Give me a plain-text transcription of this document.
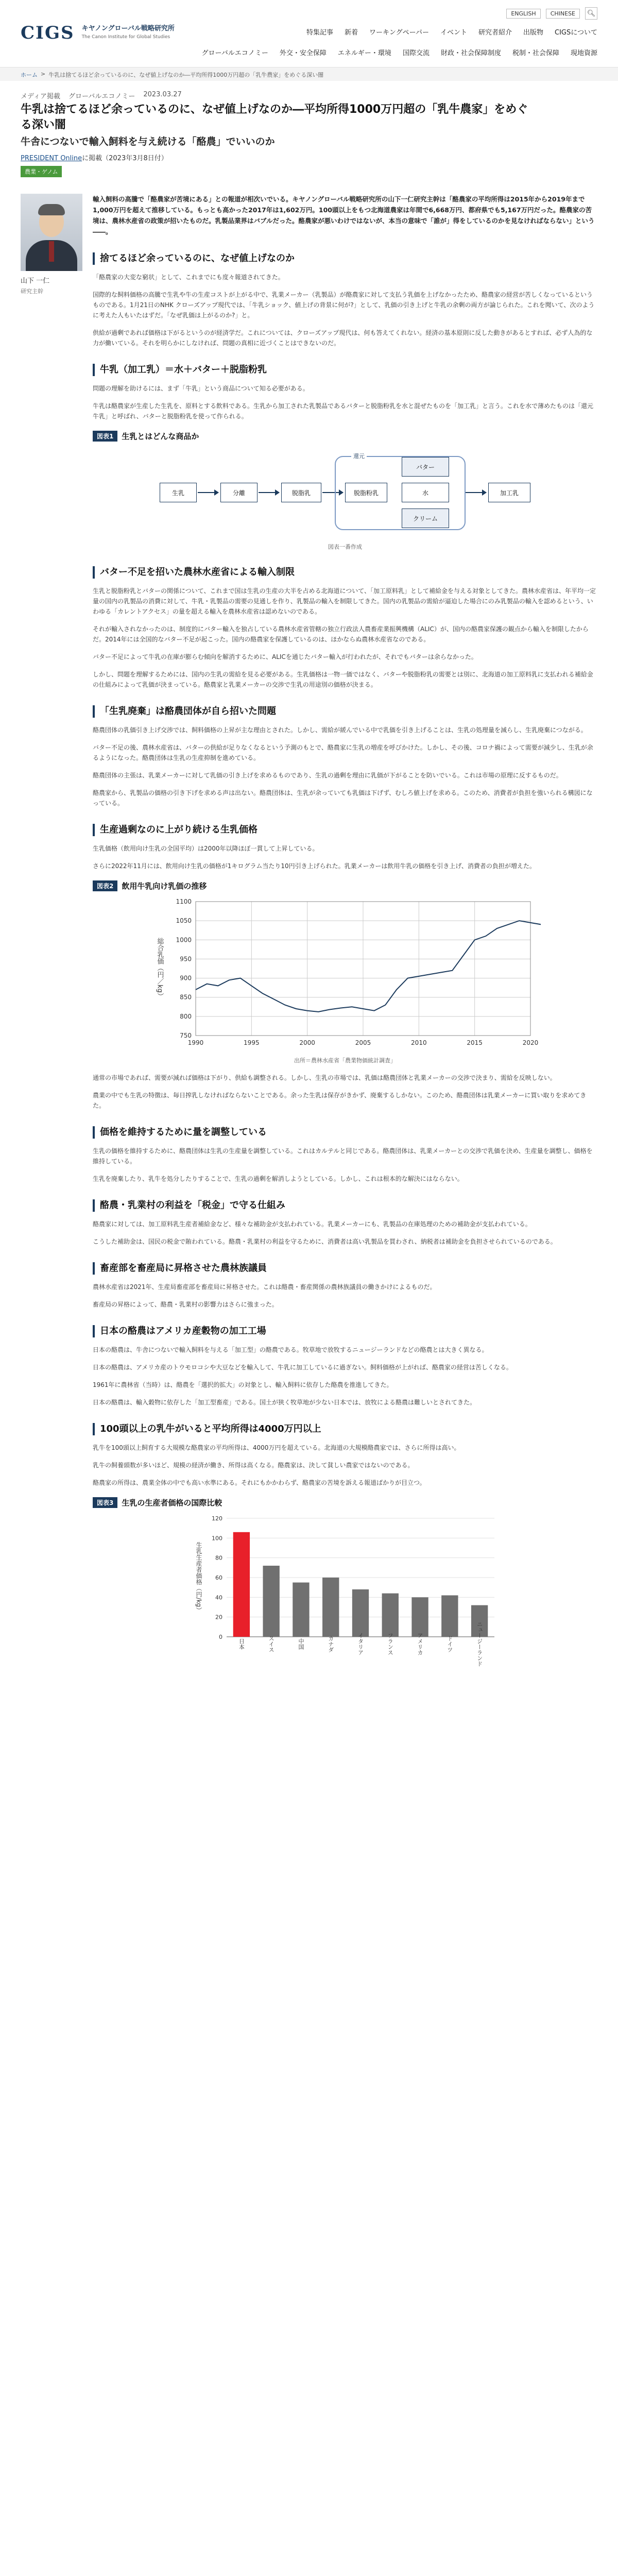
CIGS キヤノングローバル戦略研究所
The Canon Institute for Global Studies
ENGLISH	CHINESE	🔍︎
特集記事 新着 ワーキングペーパー イベント 研究者紹介 出版物 CIGSについて
グローバルエコノミー 外交・安全保障 エネルギー・環境 国際交流 財政・社会保障制度 税制・社会保障 現地資源
ホーム > 牛乳は捨てるほど余っているのに、なぜ値上げなのか―平均所得1000万円超の「乳牛農家」をめぐる深い闇
メディア掲載 グローバルエコノミー 2023.03.27
牛乳は捨てるほど余っているのに、なぜ値上げなのか―平均所得1000万円超の「乳牛農家」をめぐる深い闇
牛舎につないで輸入飼料を与え続ける「酪農」でいいのか
PRESIDENT Onlineに掲載（2023年3月8日付）
農業・ゲノム
山下 一仁
研究主幹

輸入飼料の高騰で「酪農家が苦境にある」との報道が相次いでいる。キヤノングローバル戦略研究所の山下一仁研究主幹は「酪農家の平均所得は2015年から2019年まで1,000万円を超えて推移している。もっとも高かった2017年は1,602万円。100頭以上をもつ北海道農家は年間で6,668万円、都府県でも5,167万円だった。酪農家の苦境は、農林水産省の政策が招いたものだ。乳製品業界はバブルだった。酪農家が悪いわけではないが、本当の意味で「誰が」得をしているのかを見なければならない」という――。

捨てるほど余っているのに、なぜ値上げなのか

「酪農家の大変な窮状」として、これまでにも度々報道されてきた。

国際的な飼料価格の高騰で生乳や牛の生産コストが上がる中で、乳業メーカー（乳製品）が酪農家に対して支払う乳価を上げなかったため、酪農家の経営が苦しくなっているというものである。1月21日のNHK クローズアップ現代では、「牛乳ショック、値上げの背景に何が?」として、乳価の引き上げと牛乳の余剰の両方が論じられた。これを聞いて、次のように考えた人もいたはずだ。「なぜ乳価は上がるのか?」と。

供給が過剰であれば価格は下がるというのが経済学だ。これについては、クローズアップ現代は、何も答えてくれない。経済の基本原則に反した動きがあるとすれば、必ず人為的な力が働いている。それを明らかにしなければ、問題の真相に近づくことはできないのだ。

牛乳（加工乳）＝水＋バター＋脱脂粉乳

問題の理解を助けるには、まず「牛乳」という商品について知る必要がある。

牛乳は酪農家が生産した生乳を、原料とする飲料である。生乳から加工された乳製品であるバターと脱脂粉乳を水と混ぜたものを「加工乳」と言う。これを水で薄めたものは「還元牛乳」と呼ばれ、バターと脱脂粉乳を使って作られる。

図表1	生乳とはどんな商品か
生乳	分離	脱脂乳	脱脂粉乳
バター
クリーム
水
還元
加工乳
図表一番作成
バター不足を招いた農林水産省による輸入制限

生乳と脱脂粉乳とバターの関係について、これまで国は生乳の生産の大半を占める北海道について、「加工原料乳」として補給金を与える対象としてきた。農林水産省は、年平均一定量の国内の乳製品の消費に対して、牛乳・乳製品の需要の見通しを作り、乳製品の輸入を制限してきた。国内の乳製品の需給が逼迫した場合にのみ乳製品の輸入を認めるという、いわゆる「カレントアクセス」の量を超える輸入を農林水産省は認めないのである。

それが輸入されなかったのは、制度的にバター輸入を独占している農林水産省管轄の独立行政法人農畜産業振興機構（ALIC）が、国内の酪農家保護の観点から輸入を制限したからだ。2014年には全国的なバター不足が起こった。国内の酪農家を保護しているのは、ほかならぬ農林水産省なのである。

バター不足によって牛乳の在庫が膨らむ傾向を解消するために、ALICを通じたバター輸入が行われたが、それでもバターは余らなかった。

しかし、問題を理解するためには、国内の生乳の需給を見る必要がある。生乳価格は一物一価ではなく、バターや脱脂粉乳の需要とは別に、北海道の加工原料乳に支払われる補給金の仕組みによって乳価が決まっている。酪農家と乳業メーカーの交渉で生乳の用途別の価格が決まる。

「生乳廃棄」は酪農団体が自ら招いた問題

酪農団体の乳価引き上げ交渉では、飼料価格の上昇が主な理由とされた。しかし、需給が緩んでいる中で乳価を引き上げることは、生乳の処理量を減らし、生乳廃棄につながる。

バター不足の後、農林水産省は、バターの供給が足りなくなるという予測のもとで、酪農家に生乳の増産を呼びかけた。しかし、その後、コロナ禍によって需要が減少し、生乳が余るようになった。酪農団体は生乳の生産抑制を進めている。

酪農団体の主張は、乳業メーカーに対して乳価の引き上げを求めるものであり、生乳の過剰を理由に乳価が下がることを防いでいる。これは市場の原理に反するものだ。

酪農家から、乳製品の価格の引き下げを求める声は出ない。酪農団体は、生乳が余っていても乳価は下げず、むしろ値上げを求める。このため、消費者が負担を強いられる構図になっている。

生産過剰なのに上がり続ける生乳価格

生乳価格（飲用向け生乳の全国平均）は2000年以降ほぼ一貫して上昇している。

さらに2022年11月には、飲用向け生乳の価格が1キログラム当たり10円引き上げられた。乳業メーカーは飲用牛乳の価格を引き上げ、消費者の負担が増えた。

図表2	飲用牛乳向け乳価の推移
750
800
850
900
950
1000
1050
1100
1990	1995	2000	2005	2010	2015	2020
総合乳価（円／kg）
出所＝農林水産省「農業物価統計調査」

通常の市場であれば、需要が減れば価格は下がり、供給も調整される。しかし、生乳の市場では、乳価は酪農団体と乳業メーカーの交渉で決まり、需給を反映しない。

農業の中でも生乳の特徴は、毎日搾乳しなければならないことである。余った生乳は保存がきかず、廃棄するしかない。このため、酪農団体は乳業メーカーに買い取りを求めてきた。

価格を維持するために量を調整している

生乳の価格を維持するために、酪農団体は生乳の生産量を調整している。これはカルテルと同じである。酪農団体は、乳業メーカーとの交渉で乳価を決め、生産量を調整し、価格を維持している。

生乳を廃棄したり、乳牛を処分したりすることで、生乳の過剰を解消しようとしている。しかし、これは根本的な解決にはならない。

酪農・乳業村の利益を「税金」で守る仕組み

酪農家に対しては、加工原料乳生産者補給金など、様々な補助金が支払われている。乳業メーカーにも、乳製品の在庫処理のための補助金が支払われている。

こうした補助金は、国民の税金で賄われている。酪農・乳業村の利益を守るために、消費者は高い乳製品を買わされ、納税者は補助金を負担させられているのである。

畜産部を畜産局に昇格させた農林族議員

農林水産省は2021年、生産局畜産部を畜産局に昇格させた。これは酪農・畜産関係の農林族議員の働きかけによるものだ。

畜産局の昇格によって、酪農・乳業村の影響力はさらに強まった。

日本の酪農はアメリカ産穀物の加工工場

日本の酪農は、牛舎につないで輸入飼料を与える「加工型」の酪農である。牧草地で放牧するニュージーランドなどの酪農とは大きく異なる。

日本の酪農は、アメリカ産のトウモロコシや大豆などを輸入して、牛乳に加工しているに過ぎない。飼料価格が上がれば、酪農家の経営は苦しくなる。

1961年に農林省（当時）は、酪農を「選択的拡大」の対象とし、輸入飼料に依存した酪農を推進してきた。

日本の酪農は、輸入穀物に依存した「加工型畜産」である。国土が狭く牧草地が少ない日本では、放牧による酪農は難しいとされてきた。

100頭以上の乳牛がいると平均所得は4000万円以上

乳牛を100頭以上飼育する大規模な酪農家の平均所得は、4000万円を超えている。北海道の大規模酪農家では、さらに所得は高い。

乳牛の飼養頭数が多いほど、規模の経済が働き、所得は高くなる。酪農家は、決して貧しい農家ではないのである。

酪農家の所得は、農業全体の中でも高い水準にある。それにもかかわらず、酪農家の苦境を訴える報道ばかりが目立つ。

図表3	生乳の生産者価格の国際比較
0
20
40
60
80
100
120
生乳生産者価格（円/kg）
日本	スイス	中国	カナダ	イタリア	フランス	アメリカ	ドイツ	ニュージーランド
